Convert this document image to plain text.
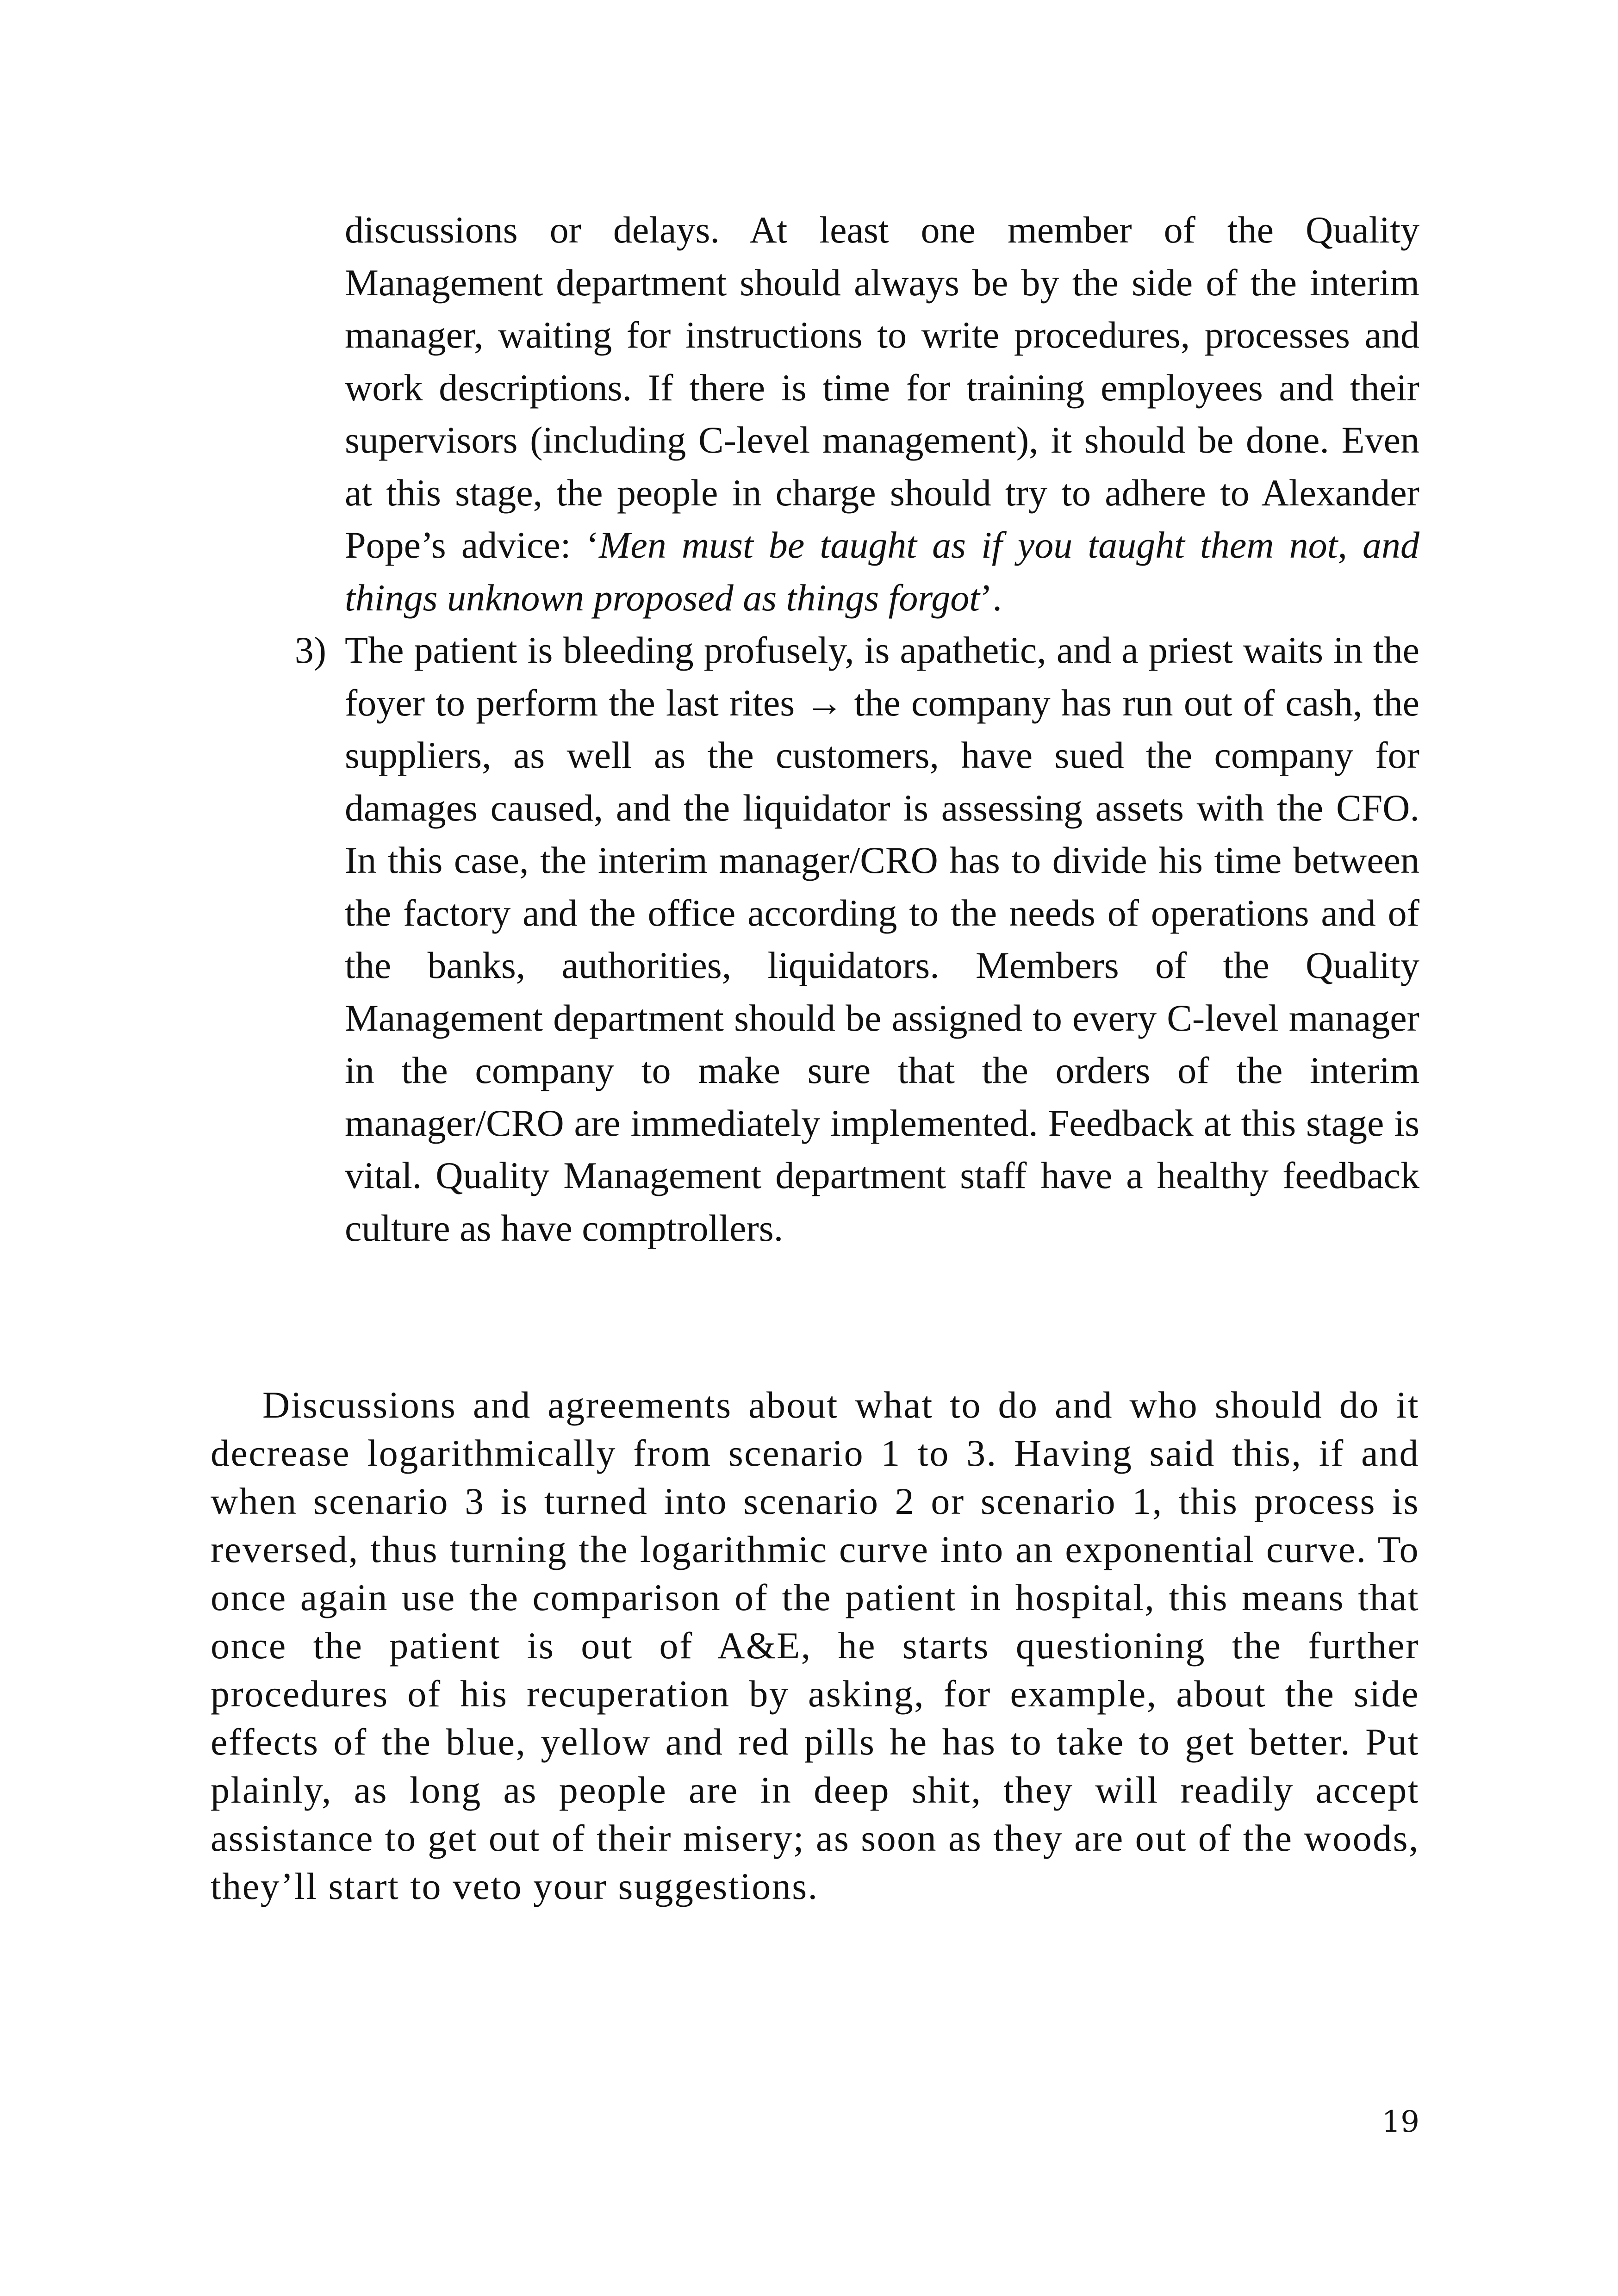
discussions or delays. At least one member of the Quality Management department should always be by the side of the interim manager, waiting for instructions to write procedures, processes and work descriptions. If there is time for training employees and their supervisors (including C-level management), it should be done. Even at this stage, the people in charge should try to adhere to Alexander Pope’s advice: ‘Men must be taught as if you taught them not, and things unknown proposed as things forgot’.

3) The patient is bleeding profusely, is apathetic, and a priest waits in the foyer to perform the last rites → the company has run out of cash, the suppliers, as well as the customers, have sued the company for damages caused, and the liquidator is assessing assets with the CFO. In this case, the interim manager/CRO has to divide his time between the factory and the office according to the needs of operations and of the banks, authorities, liquidators. Members of the Quality Management department should be assigned to every C-level manager in the company to make sure that the orders of the interim manager/CRO are immediately implemented. Feedback at this stage is vital. Quality Management department staff have a healthy feedback culture as have comptrollers.

Discussions and agreements about what to do and who should do it decrease logarithmically from scenario 1 to 3. Having said this, if and when scenario 3 is turned into scenario 2 or scenario 1, this process is reversed, thus turning the logarithmic curve into an exponential curve. To once again use the comparison of the patient in hospital, this means that once the patient is out of A&E, he starts questioning the further procedures of his recuperation by asking, for example, about the side effects of the blue, yellow and red pills he has to take to get better. Put plainly, as long as people are in deep shit, they will readily accept assistance to get out of their misery; as soon as they are out of the woods, they’ll start to veto your suggestions.

19
